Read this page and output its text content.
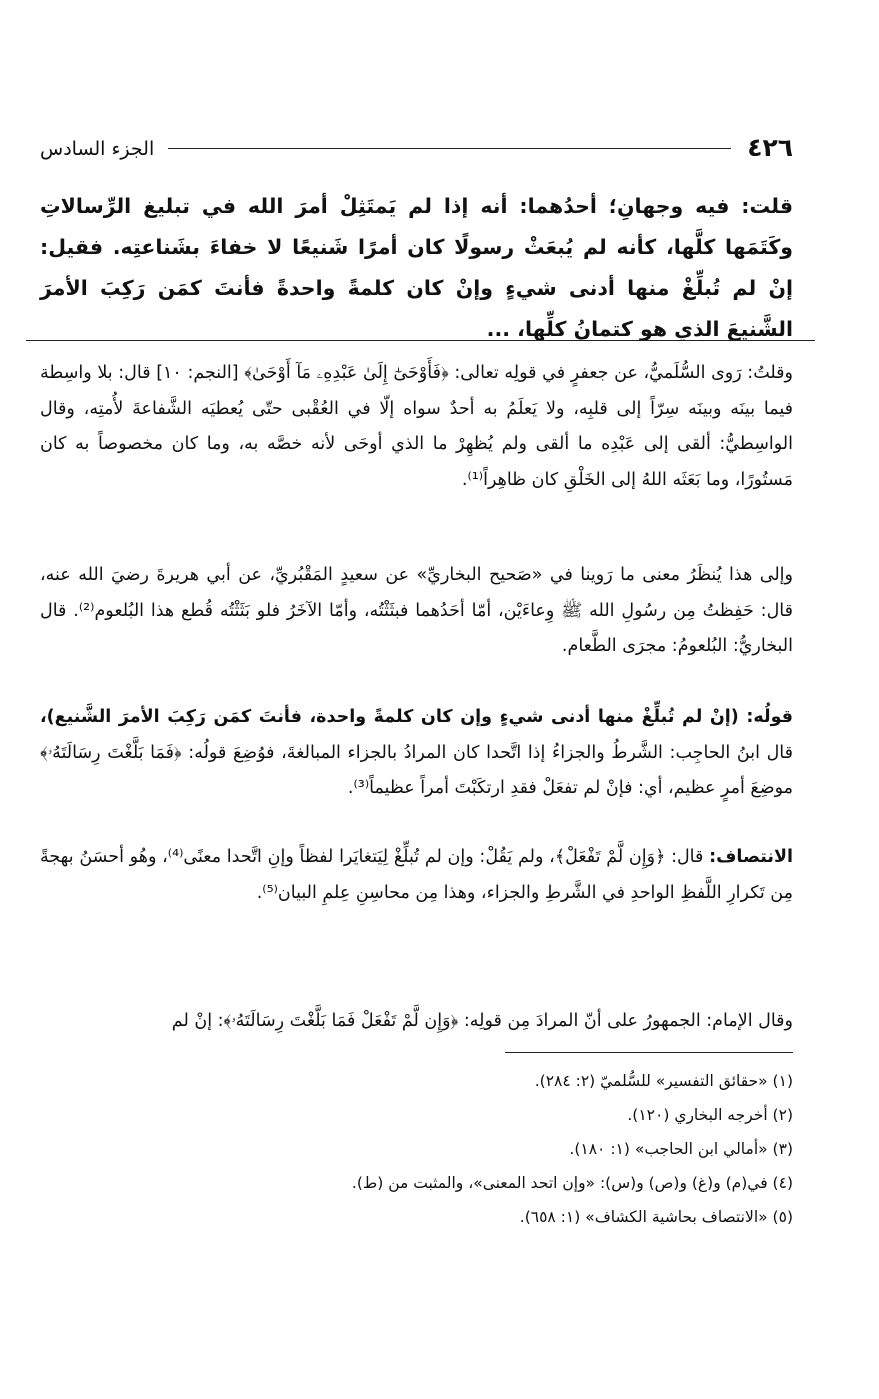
٤٢٦
الجزء السادس
قلت: فيه وجهانِ؛ أحدُهما: أنه إذا لم يَمتَثِلْ أمرَ الله في تبليغ الرِّسالاتِ وكَتَمَها كلَّها، كأنه لم يُبعَثْ رسولًا كان أمرًا شَنيعًا لا خفاءَ بشَناعتِه. فقيل: إنْ لم تُبلِّغْ منها أدنى شيءٍ وإنْ كان كلمةً واحدةً فأنتَ كمَن رَكِبَ الأمرَ الشَّنيعَ الذي هو كتمانُ كلِّها، ...
وقلتُ: رَوى السُّلَميُّ، عن جعفرٍ في قولِه تعالى: ﴿فَأَوْحَىٰٓ إِلَىٰ عَبْدِهِۦ مَآ أَوْحَىٰ﴾ [النجم: ١٠] قال: بلا واسِطة فيما بينَه وبينَه سِرّاً إلى قلبِه، ولا يَعلَمُ به أحدٌ سواه إلّا في العُقْبى حتّى يُعطيَه الشَّفاعةَ لأُمتِه، وقال الواسِطيُّ: ألقى إلى عَبْدِه ما ألقى ولم يُظهِرْ ما الذي أوحَى لأنه خصَّه به، وما كان مخصوصاً به كان مَستُورًا، وما بَعَثَه اللهُ إلى الخَلْقِ كان ظاهِراً⁽¹⁾.
وإلى هذا يُنظَرُ معنى ما رَوينا في «صَحيح البخاريِّ» عن سعيدٍ المَقْبُريِّ، عن أبي هريرةَ رضيَ الله عنه، قال: حَفِظتُ مِن رسُولِ الله ﷺ وِعاءَيْن، أمّا أحَدُهما فبثَثْتُه، وأمّا الآخَرُ فلو بَثَثْتُه قُطع هذا البُلعوم⁽²⁾. قال البخاريُّ: البُلعومُ: مجرَى الطَّعام.
قولُه: (إنْ لم تُبلِّغْ منها أدنى شيءٍ وإن كان كلمةً واحدة، فأنتَ كمَن رَكِبَ الأمرَ الشَّنيع)، قال ابنُ الحاجِب: الشَّرطُ والجزاءُ إذا اتَّحدا كان المرادُ بالجزاء المبالغةَ، فوُضِعَ قولُه: ﴿فَمَا بَلَّغْتَ رِسَالَتَهُۥ﴾ موضِعَ أمرٍ عظيم، أي: فإنْ لم تفعَلْ فقدِ ارتكَبْتَ أمراً عظيماً⁽³⁾.
الانتصاف: قال: ﴿وَإِن لَّمْ تَفْعَلْ﴾، ولم يَقُلْ: وإن لم تُبلِّغْ لِيَتغايَرا لفظاً وإنِ اتَّحدا معنًى⁽⁴⁾، وهُو أحسَنُ بهجةً مِن تَكرارِ اللَّفظِ الواحدِ في الشَّرطِ والجزاء، وهذا مِن محاسِنِ عِلمِ البيان⁽⁵⁾.
وقال الإمام: الجمهورُ على أنّ المرادَ مِن قولِه: ﴿وَإِن لَّمْ تَفْعَلْ فَمَا بَلَّغْتَ رِسَالَتَهُۥ﴾: إنْ لم
(١) «حقائق التفسير» للسُّلميّ (٢: ٢٨٤).
(٢) أخرجه البخاري (١٢٠).
(٣) «أمالي ابن الحاجب» (١: ١٨٠).
(٤) في(م) و(غ) و(ص) و(س): «وإن اتحد المعنى»، والمثبت من (ط).
(٥) «الانتصاف بحاشية الكشاف» (١: ٦٥٨).
